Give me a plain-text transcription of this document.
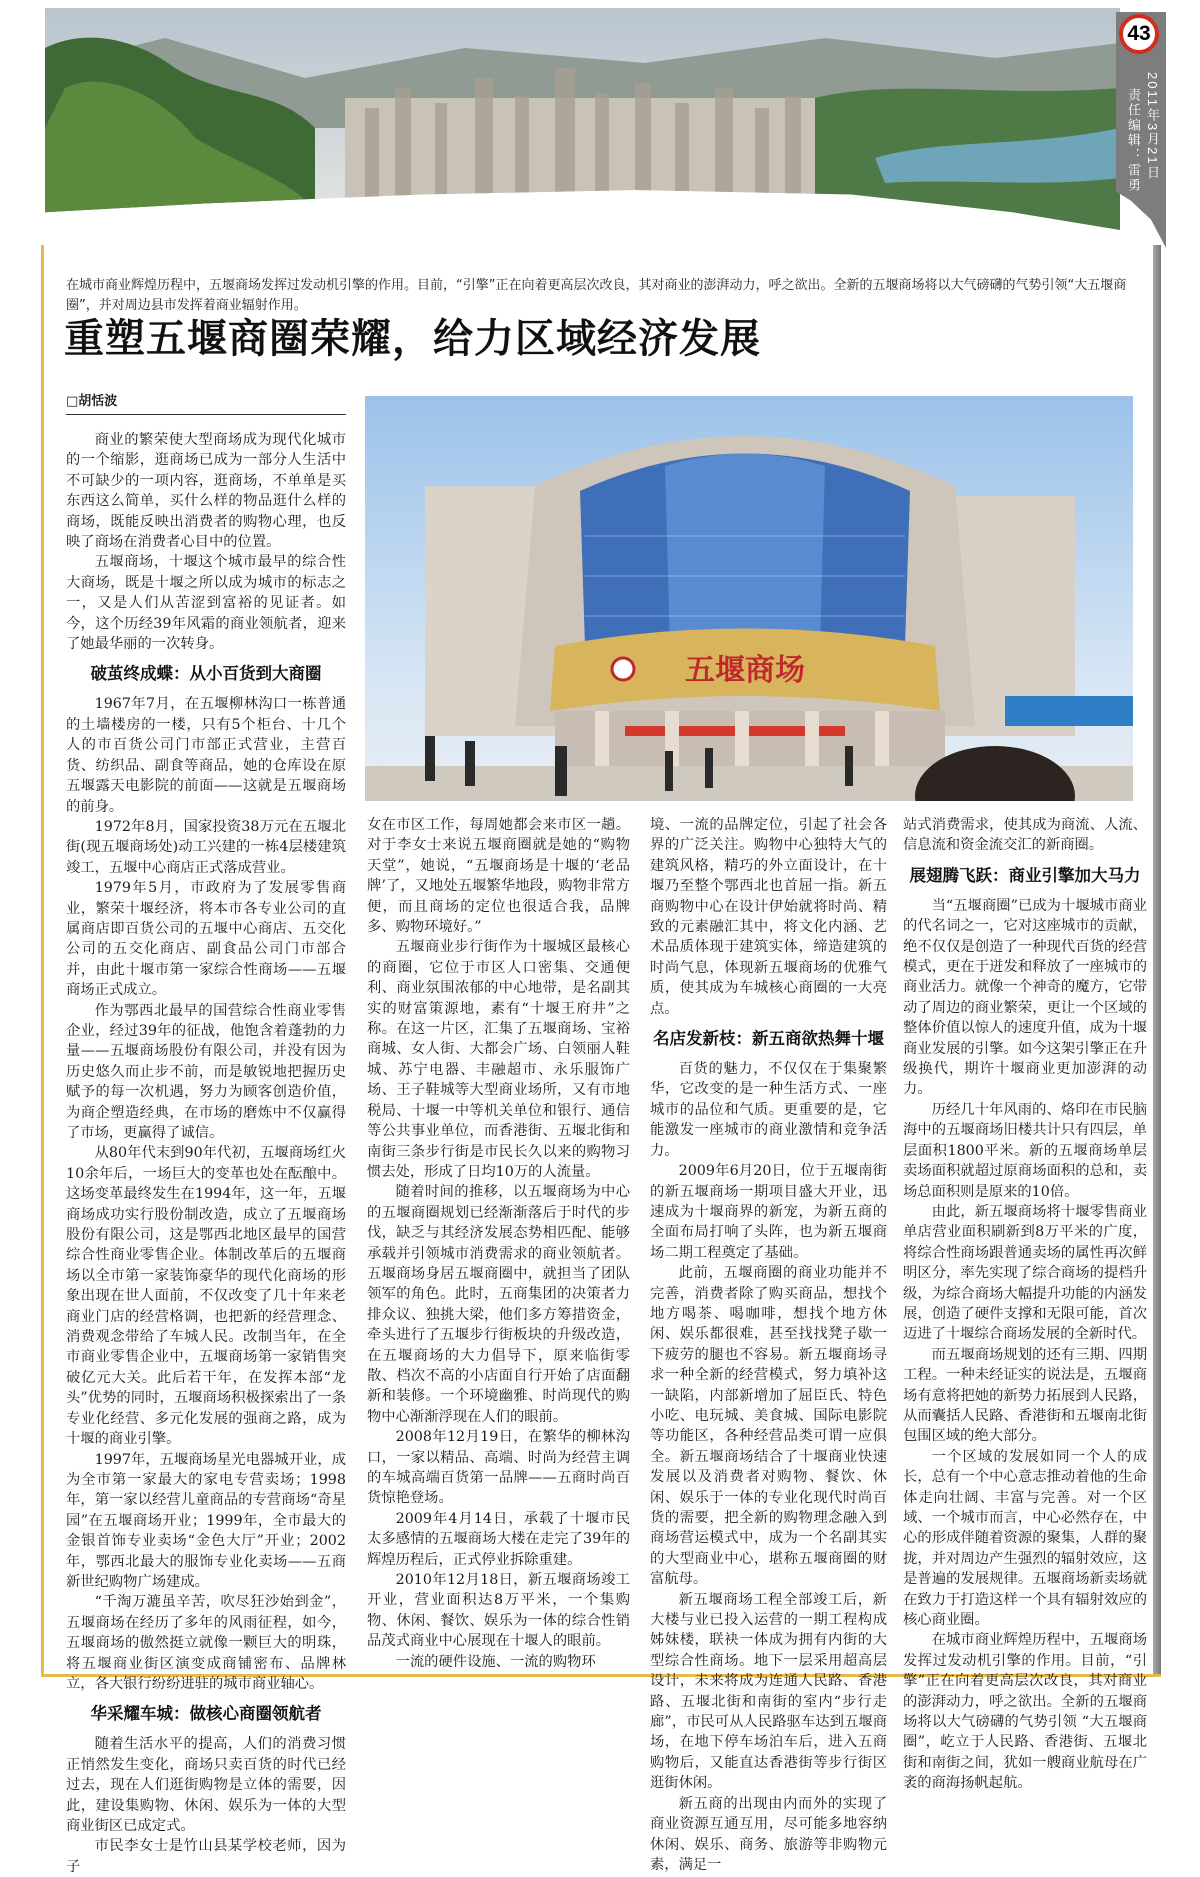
43
2011年3月21日
责任编辑：雷勇
在城市商业辉煌历程中，五堰商场发挥过发动机引擎的作用。目前，“引擎”正在向着更高层次改良，其对商业的澎湃动力，呼之欲出。全新的五堰商场将以大气磅礴的气势引领“大五堰商圈”，并对周边县市发挥着商业辐射作用。
重塑五堰商圈荣耀，给力区域经济发展
□胡恬波
五堰商场

商业的繁荣使大型商场成为现代化城市的一个缩影，逛商场已成为一部分人生活中不可缺少的一项内容，逛商场，不单单是买东西这么简单，买什么样的物品逛什么样的商场，既能反映出消费者的购物心理，也反映了商场在消费者心目中的位置。

五堰商场，十堰这个城市最早的综合性大商场，既是十堰之所以成为城市的标志之一，又是人们从苦涩到富裕的见证者。如今，这个历经39年风霜的商业领航者，迎来了她最华丽的一次转身。

破茧终成蝶：从小百货到大商圈

1967年7月，在五堰柳林沟口一栋普通的土墙楼房的一楼，只有5个柜台、十几个人的市百货公司门市部正式营业，主营百货、纺织品、副食等商品，她的仓库设在原五堰露天电影院的前面——这就是五堰商场的前身。

1972年8月，国家投资38万元在五堰北街(现五堰商场处)动工兴建的一栋4层楼建筑竣工，五堰中心商店正式落成营业。

1979年5月，市政府为了发展零售商业，繁荣十堰经济，将本市各专业公司的直属商店即百货公司的五堰中心商店、五交化公司的五交化商店、副食品公司门市部合并，由此十堰市第一家综合性商场——五堰商场正式成立。

作为鄂西北最早的国营综合性商业零售企业，经过39年的征战，他饱含着蓬勃的力量——五堰商场股份有限公司，并没有因为历史悠久而止步不前，而是敏锐地把握历史赋予的每一次机遇，努力为顾客创造价值，为商企塑造经典，在市场的磨炼中不仅赢得了市场，更赢得了诚信。

从80年代末到90年代初，五堰商场红火10余年后，一场巨大的变革也处在酝酿中。这场变革最终发生在1994年，这一年，五堰商场成功实行股份制改造，成立了五堰商场股份有限公司，这是鄂西北地区最早的国营综合性商业零售企业。体制改革后的五堰商场以全市第一家装饰豪华的现代化商场的形象出现在世人面前，不仅改变了几十年来老商业门店的经营格调，也把新的经营理念、消费观念带给了车城人民。改制当年，在全市商业零售企业中，五堰商场第一家销售突破亿元大关。此后若干年，在发挥本部“龙头”优势的同时，五堰商场积极探索出了一条专业化经营、多元化发展的强商之路，成为十堰的商业引擎。

1997年，五堰商场星光电器城开业，成为全市第一家最大的家电专营卖场；1998年，第一家以经营儿童商品的专营商场“奇星园”在五堰商场开业；1999年，全市最大的金银首饰专业卖场“金色大厅”开业；2002年，鄂西北最大的服饰专业化卖场——五商新世纪购物广场建成。

“千淘万漉虽辛苦，吹尽狂沙始到金”，五堰商场在经历了多年的风雨征程，如今，五堰商场的傲然挺立就像一颗巨大的明珠，将五堰商业街区演变成商铺密布、品牌林立，各大银行纷纷进驻的城市商业轴心。

华采耀车城：做核心商圈领航者

随着生活水平的提高，人们的消费习惯正悄然发生变化，商场只卖百货的时代已经过去，现在人们逛街购物是立体的需要，因此，建设集购物、休闲、娱乐为一体的大型商业街区已成定式。

市民李女士是竹山县某学校老师，因为子

女在市区工作，每周她都会来市区一趟。对于李女士来说五堰商圈就是她的“购物天堂”，她说，“五堰商场是十堰的‘老品牌’了，又地处五堰繁华地段，购物非常方便，而且商场的定位也很适合我，品牌多、购物环境好。”

五堰商业步行街作为十堰城区最核心的商圈，它位于市区人口密集、交通便利、商业氛围浓郁的中心地带，是名副其实的财富策源地，素有“十堰王府井”之称。在这一片区，汇集了五堰商场、宝裕商城、女人街、大都会广场、白领丽人鞋城、苏宁电器、丰融超市、永乐服饰广场、王子鞋城等大型商业场所，又有市地税局、十堰一中等机关单位和银行、通信等公共事业单位，而香港街、五堰北街和南街三条步行街是市民长久以来的购物习惯去处，形成了日均10万的人流量。

随着时间的推移，以五堰商场为中心的五堰商圈规划已经渐渐落后于时代的步伐，缺乏与其经济发展态势相匹配、能够承载并引领城市消费需求的商业领航者。五堰商场身居五堰商圈中，就担当了团队领军的角色。此时，五商集团的决策者力排众议、独挑大梁，他们多方筹措资金，牵头进行了五堰步行街板块的升级改造，在五堰商场的大力倡导下，原来临街零散、档次不高的小店面自行开始了店面翻新和装修。一个环境幽雅、时尚现代的购物中心渐渐浮现在人们的眼前。

2008年12月19日，在繁华的柳林沟口，一家以精品、高端、时尚为经营主调的车城高端百货第一品牌——五商时尚百货惊艳登场。

2009年4月14日，承载了十堰市民太多感情的五堰商场大楼在走完了39年的辉煌历程后，正式停业拆除重建。

2010年12月18日，新五堰商场竣工开业，营业面积达8万平米，一个集购物、休闲、餐饮、娱乐为一体的综合性销品茂式商业中心展现在十堰人的眼前。

一流的硬件设施、一流的购物环

境、一流的品牌定位，引起了社会各界的广泛关注。购物中心独特大气的建筑风格，精巧的外立面设计，在十堰乃至整个鄂西北也首屈一指。新五商购物中心在设计伊始就将时尚、精致的元素融汇其中，将文化内涵、艺术品质体现于建筑实体，缔造建筑的时尚气息，体现新五堰商场的优雅气质，使其成为车城核心商圈的一大亮点。

名店发新枝：新五商欲热舞十堰

百货的魅力，不仅仅在于集聚繁华，它改变的是一种生活方式、一座城市的品位和气质。更重要的是，它能激发一座城市的商业激情和竞争活力。

2009年6月20日，位于五堰南街的新五堰商场一期项目盛大开业，迅速成为十堰商界的新宠，为新五商的全面布局打响了头阵，也为新五堰商场二期工程奠定了基础。

此前，五堰商圈的商业功能并不完善，消费者除了购买商品，想找个地方喝茶、喝咖啡，想找个地方休闲、娱乐都很难，甚至找找凳子歇一下疲劳的腿也不容易。新五堰商场寻求一种全新的经营模式，努力填补这一缺陷，内部新增加了屈臣氏、特色小吃、电玩城、美食城、国际电影院等功能区，各种经营品类可谓一应俱全。新五堰商场结合了十堰商业快速发展以及消费者对购物、餐饮、休闲、娱乐于一体的专业化现代时尚百货的需要，把全新的购物理念融入到商场营运模式中，成为一个名副其实的大型商业中心，堪称五堰商圈的财富航母。

新五堰商场工程全部竣工后，新大楼与业已投入运营的一期工程构成姊妹楼，联袂一体成为拥有内街的大型综合性商场。地下一层采用超高层设计，未来将成为连通人民路、香港路、五堰北街和南街的室内“步行走廊”，市民可从人民路驱车达到五堰商场，在地下停车场泊车后，进入五商购物后，又能直达香港街等步行街区逛街休闲。

新五商的出现由内而外的实现了商业资源互通互用，尽可能多地容纳休闲、娱乐、商务、旅游等非购物元素，满足一

站式消费需求，使其成为商流、人流、信息流和资金流交汇的新商圈。

展翅腾飞跃：商业引擎加大马力

当“五堰商圈”已成为十堰城市商业的代名词之一，它对这座城市的贡献，绝不仅仅是创造了一种现代百货的经营模式，更在于迸发和释放了一座城市的商业活力。就像一个神奇的魔方，它带动了周边的商业繁荣，更让一个区域的整体价值以惊人的速度升值，成为十堰商业发展的引擎。如今这架引擎正在升级换代，期许十堰商业更加澎湃的动力。

历经几十年风雨的、烙印在市民脑海中的五堰商场旧楼共计只有四层，单层面积1800平米。新的五堰商场单层卖场面积就超过原商场面积的总和，卖场总面积则是原来的10倍。

由此，新五堰商场将十堰零售商业单店营业面积刷新到8万平米的广度，将综合性商场跟普通卖场的属性再次鲜明区分，率先实现了综合商场的提档升级，为综合商场大幅提升功能的内涵发展，创造了硬件支撑和无限可能，首次迈进了十堰综合商场发展的全新时代。

而五堰商场规划的还有三期、四期工程。一种未经证实的说法是，五堰商场有意将把她的新势力拓展到人民路，从而囊括人民路、香港街和五堰南北街包围区域的绝大部分。

一个区域的发展如同一个人的成长，总有一个中心意志推动着他的生命体走向壮阔、丰富与完善。对一个区域、一个城市而言，中心必然存在，中心的形成伴随着资源的聚集，人群的聚拢，并对周边产生强烈的辐射效应，这是普遍的发展规律。五堰商场新卖场就在致力于打造这样一个具有辐射效应的核心商业圈。

在城市商业辉煌历程中，五堰商场发挥过发动机引擎的作用。目前，“引擎”正在向着更高层次改良，其对商业的澎湃动力，呼之欲出。全新的五堰商场将以大气磅礴的气势引领 “大五堰商圈”，屹立于人民路、香港街、五堰北街和南街之间，犹如一艘商业航母在广袤的商海扬帆起航。
